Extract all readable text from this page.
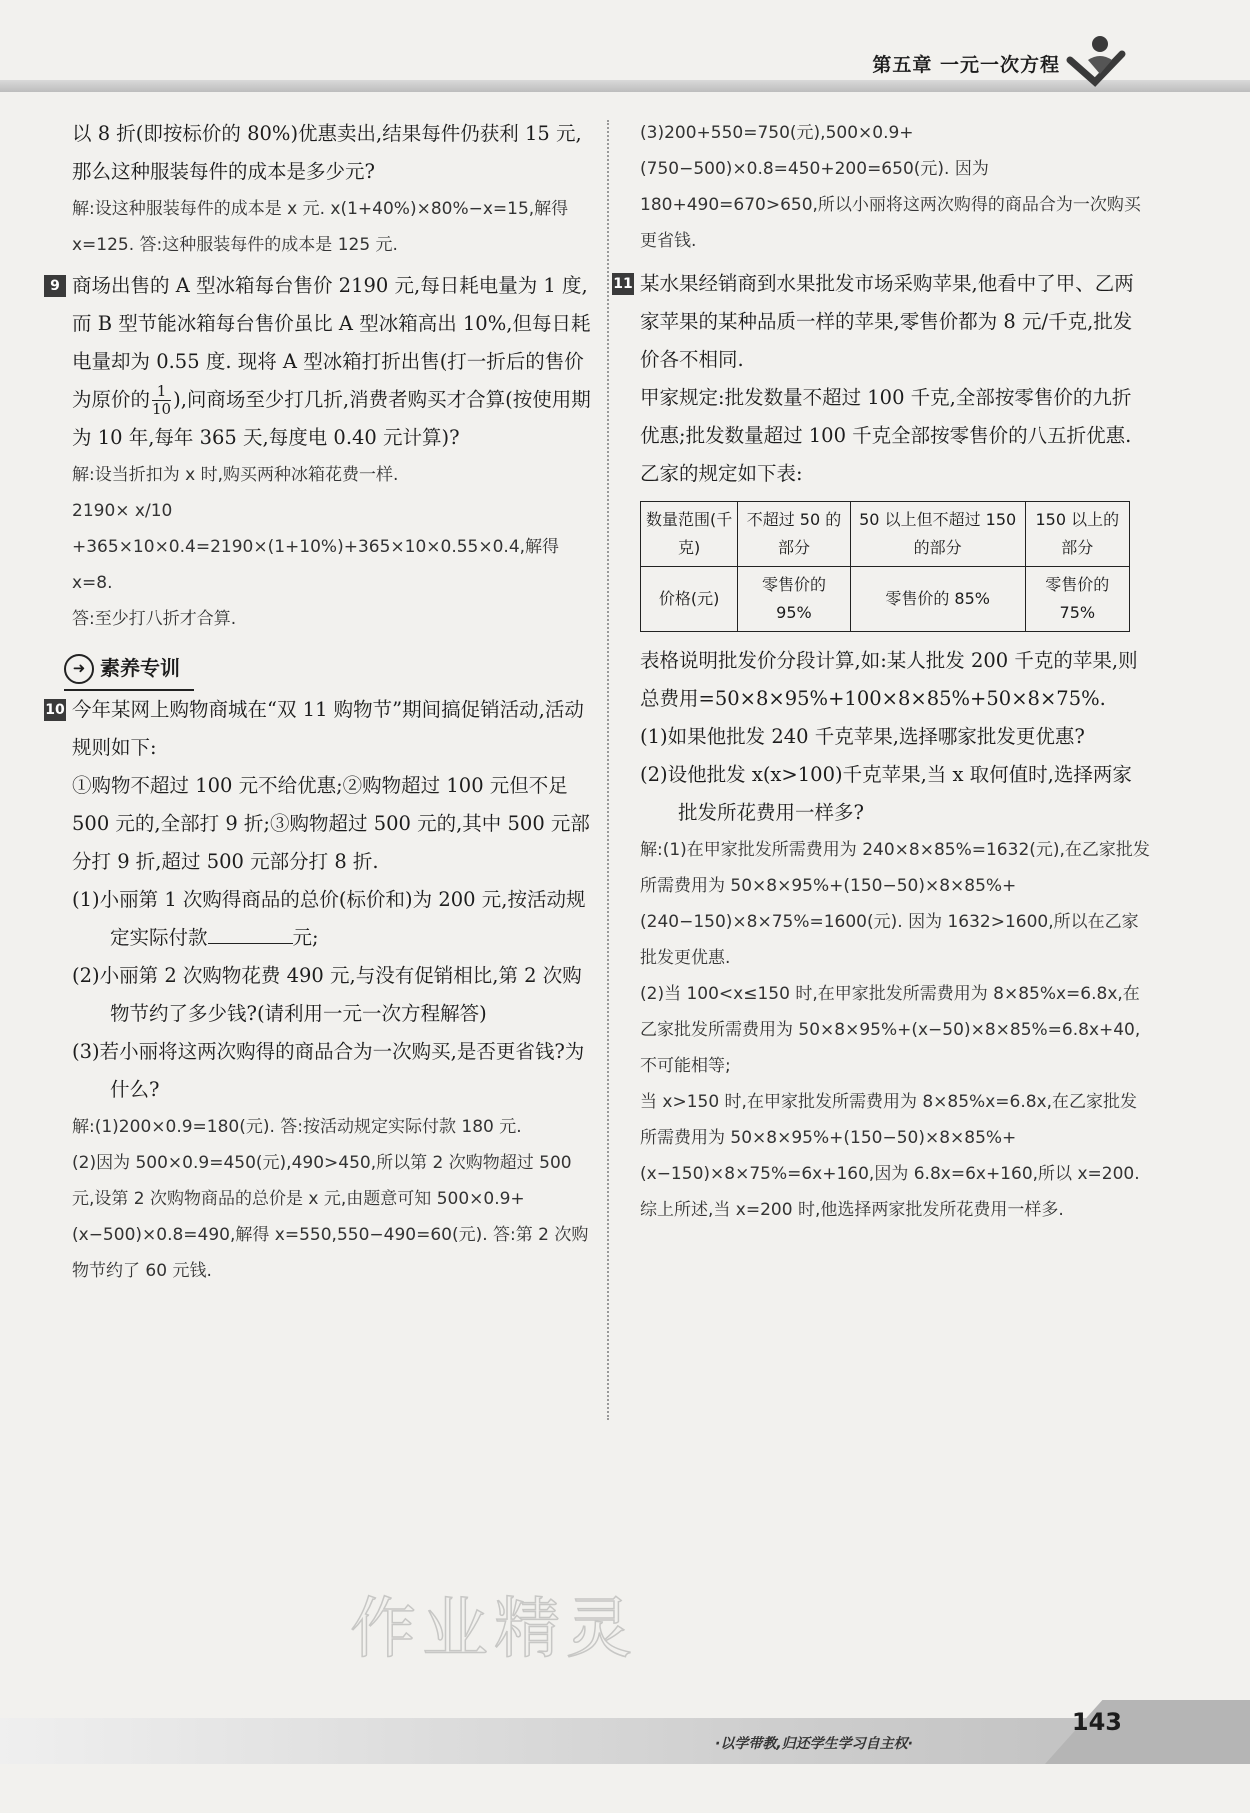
第五章 一元一次方程

以 8 折(即按标价的 80%)优惠卖出,结果每件仍获利 15 元,那么这种服装每件的成本是多少元?

解:设这种服装每件的成本是 x 元. x(1+40%)×80%−x=15,解得 x=125. 答:这种服装每件的成本是 125 元.

9 商场出售的 A 型冰箱每台售价 2190 元,每日耗电量为 1 度,而 B 型节能冰箱每台售价虽比 A 型冰箱高出 10%,但每日耗电量却为 0.55 度. 现将 A 型冰箱打折出售(打一折后的售价为原价的 $\frac{1}{10}$ ),问商场至少打几折,消费者购买才合算(按使用期为 10 年,每年 365 天,每度电 0.40 元计算)?

解:设当折扣为 x 时,购买两种冰箱花费一样.

2190× x/10 +365×10×0.4=2190×(1+10%)+365×10×0.55×0.4,解得 x=8.

答:至少打八折才合算.

➜ 素养专训

10 今年某网上购物商城在“双 11 购物节”期间搞促销活动,活动规则如下:

①购物不超过 100 元不给优惠;②购物超过 100 元但不足 500 元的,全部打 9 折;③购物超过 500 元的,其中 500 元部分打 9 折,超过 500 元部分打 8 折.

(1)小丽第 1 次购得商品的总价(标价和)为 200 元,按活动规定实际付款	元;

(2)小丽第 2 次购物花费 490 元,与没有促销相比,第 2 次购物节约了多少钱?(请利用一元一次方程解答)

(3)若小丽将这两次购得的商品合为一次购买,是否更省钱?为什么?

解:(1)200×0.9=180(元). 答:按活动规定实际付款 180 元.

(2)因为 500×0.9=450(元),490>450,所以第 2 次购物超过 500 元,设第 2 次购物商品的总价是 x 元,由题意可知 500×0.9+(x−500)×0.8=490,解得 x=550,550−490=60(元). 答:第 2 次购物节约了 60 元钱.

(3)200+550=750(元),500×0.9+(750−500)×0.8=450+200=650(元). 因为 180+490=670>650,所以小丽将这两次购得的商品合为一次购买更省钱.

11 某水果经销商到水果批发市场采购苹果,他看中了甲、乙两家苹果的某种品质一样的苹果,零售价都为 8 元/千克,批发价各不相同.

甲家规定:批发数量不超过 100 千克,全部按零售价的九折优惠;批发数量超过 100 千克全部按零售价的八五折优惠.

乙家的规定如下表:

数量范围(千克)	不超过 50 的部分	50 以上但不超过 150 的部分	150 以上的部分
价格(元)	零售价的 95%	零售价的 85%	零售价的 75%

表格说明批发价分段计算,如:某人批发 200 千克的苹果,则总费用=50×8×95%+100×8×85%+50×8×75%.

(1)如果他批发 240 千克苹果,选择哪家批发更优惠?

(2)设他批发 x(x>100)千克苹果,当 x 取何值时,选择两家批发所花费用一样多?

解:(1)在甲家批发所需费用为 240×8×85%=1632(元),在乙家批发所需费用为 50×8×95%+(150−50)×8×85%+(240−150)×8×75%=1600(元). 因为 1632>1600,所以在乙家批发更优惠.

(2)当 100<x≤150 时,在甲家批发所需费用为 8×85%x=6.8x,在乙家批发所需费用为 50×8×95%+(x−50)×8×85%=6.8x+40,不可能相等;

当 x>150 时,在甲家批发所需费用为 8×85%x=6.8x,在乙家批发所需费用为 50×8×95%+(150−50)×8×85%+(x−150)×8×75%=6x+160,因为 6.8x=6x+160,所以 x=200.

综上所述,当 x=200 时,他选择两家批发所花费用一样多.

作业精灵
·以学带教,归还学生学习自主权·
143
